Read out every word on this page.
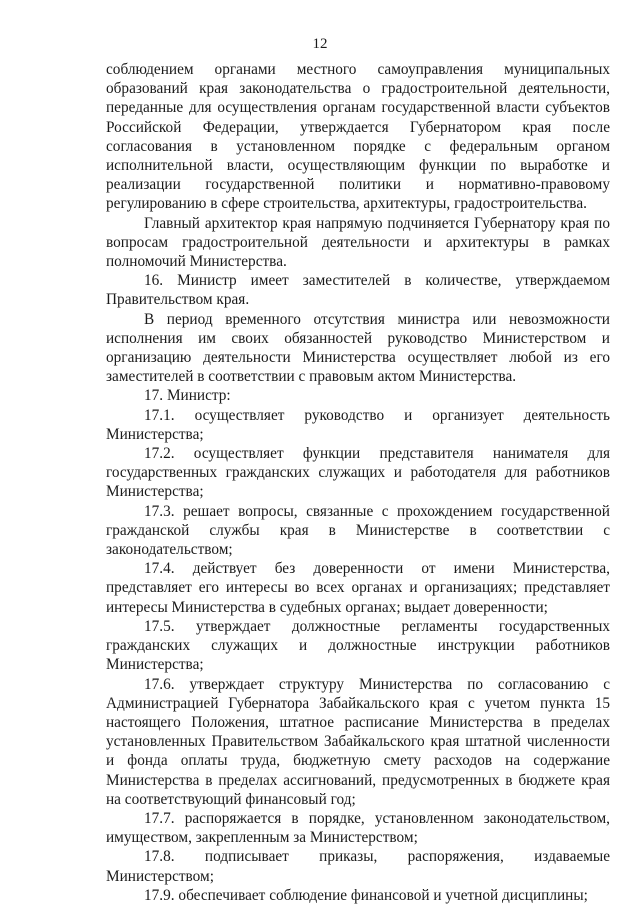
12

соблюдением органами местного самоуправления муниципальных образований края законодательства о градостроительной деятельности, переданные для осуществления органам государственной власти субъектов Российской Федерации, утверждается Губернатором края после согласования в установленном порядке с федеральным органом исполнительной власти, осуществляющим функции по выработке и реализации государственной политики и нормативно-правовому регулированию в сфере строительства, архитектуры, градостроительства.

Главный архитектор края напрямую подчиняется Губернатору края по вопросам градостроительной деятельности и архитектуры в рамках полномочий Министерства.

16. Министр имеет заместителей в количестве, утверждаемом Правительством края.

В период временного отсутствия министра или невозможности исполнения им своих обязанностей руководство Министерством и организацию деятельности Министерства осуществляет любой из его заместителей в соответствии с правовым актом Министерства.

17. Министр:

17.1. осуществляет руководство и организует деятельность Министерства;

17.2. осуществляет функции представителя нанимателя для государственных гражданских служащих и работодателя для работников Министерства;

17.3. решает вопросы, связанные с прохождением государственной гражданской службы края в Министерстве в соответствии с законодательством;

17.4. действует без доверенности от имени Министерства, представляет его интересы во всех органах и организациях; представляет интересы Министерства в судебных органах; выдает доверенности;

17.5. утверждает должностные регламенты государственных гражданских служащих и должностные инструкции работников Министерства;

17.6. утверждает структуру Министерства по согласованию с Администрацией Губернатора Забайкальского края с учетом пункта 15 настоящего Положения, штатное расписание Министерства в пределах установленных Правительством Забайкальского края штатной численности и фонда оплаты труда, бюджетную смету расходов на содержание Министерства в пределах ассигнований, предусмотренных в бюджете края на соответствующий финансовый год;

17.7. распоряжается в порядке, установленном законодательством, имуществом, закрепленным за Министерством;

17.8. подписывает приказы, распоряжения, издаваемые Министерством;

17.9. обеспечивает соблюдение финансовой и учетной дисциплины;
